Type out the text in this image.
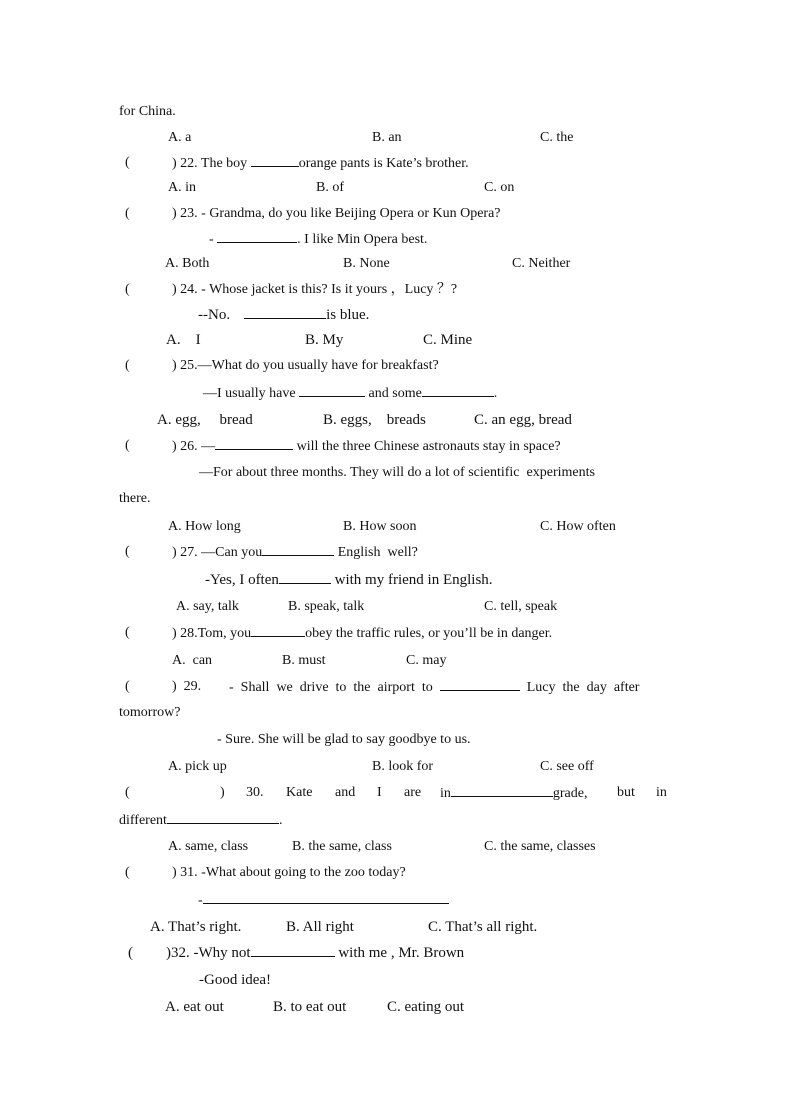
for China.
A. a	B. an	C. the
(	) 22. The boy	orange pants is Kate’s brother.
A. in	B. of	C. on
(	) 23. - Grandma, do you like Beijing Opera or Kun Opera?
-	. I like Min Opera best.
A. Both	B. None	C. Neither
(	) 24. - Whose jacket is this? Is it yours ，Lucy ？?
--No.	is blue.
A.    I	B. My	C. Mine
(	) 25.—What do you usually have for breakfast?
—I usually have	and some	.
A. egg,     bread	B. eggs,    breads	C. an egg, bread
(	) 26. —	will the three Chinese astronauts stay in space?
—For about three months. They will do a lot of scientific  experiments
there.
A. How long	B. How soon	C. How often
(	) 27. —Can you	English  well?
-Yes, I often	with my friend in English.
A. say, talk	B. speak, talk	C. tell, speak
(	) 28.Tom, you	obey the traffic rules, or you’ll be in danger.
A.  can	B. must	C. may
(	)  29. -  Shall  we  drive  to  the  airport  to	Lucy  the  day  after
tomorrow?
- Sure. She will be glad to say goodbye to us.
A. pick up	B. look for	C. see off
(	) 30. Kate and I are in	grade, but in
different	.
A. same, class	B. the same, class	C. the same, classes
(	) 31. -What about going to the zoo today?
-
A. That’s right.	B. All right	C. That’s all right.
( )32. -Why not	with me , Mr. Brown
-Good idea!
A. eat out	B. to eat out	C. eating out
